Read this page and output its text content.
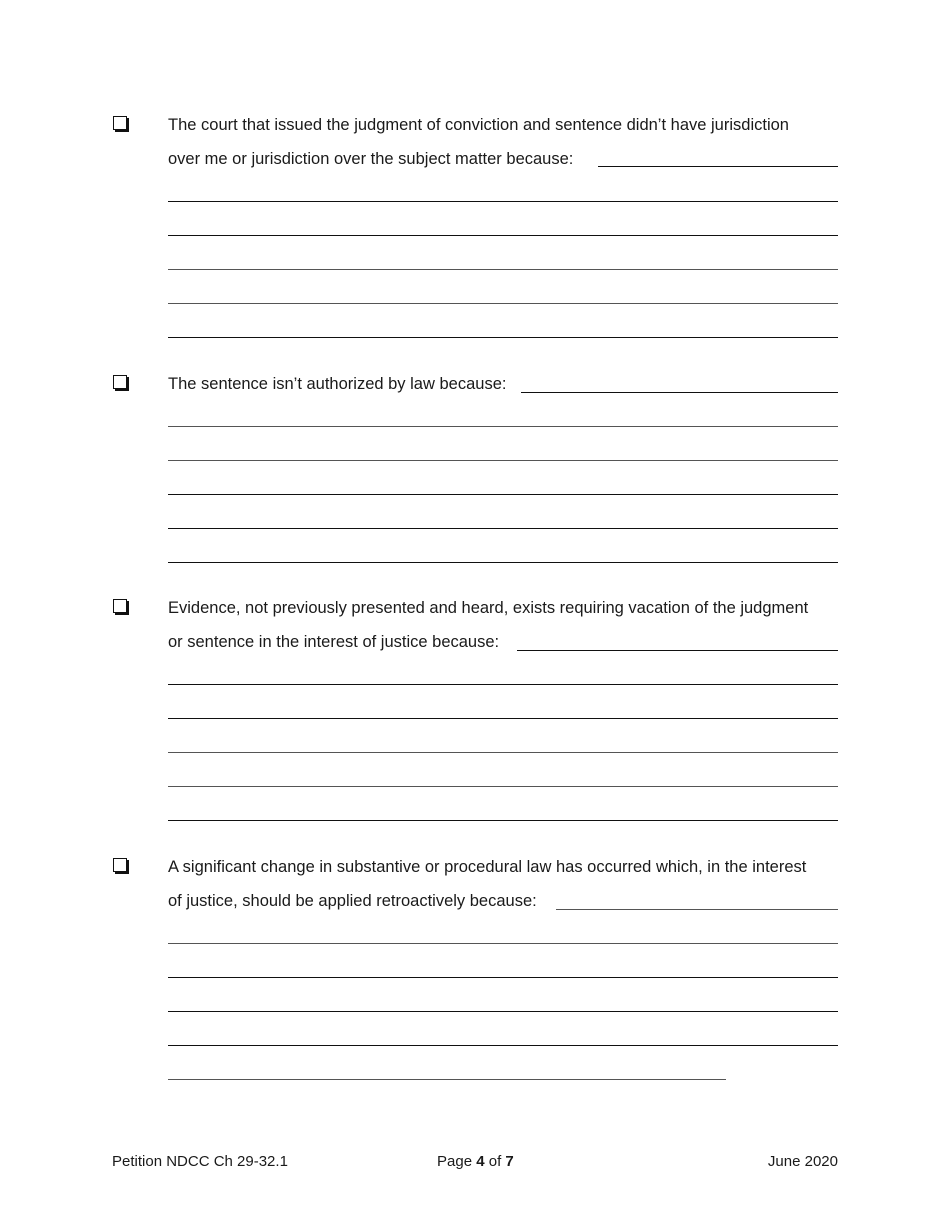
The court that issued the judgment of conviction and sentence didn’t have jurisdiction
over me or jurisdiction over the subject matter because:
The sentence isn’t authorized by law because:
Evidence, not previously presented and heard, exists requiring vacation of the judgment
or sentence in the interest of justice because:
A significant change in substantive or procedural law has occurred which, in the interest
of justice, should be applied retroactively because:
Petition NDCC Ch 29-32.1	Page 4 of 7	June 2020
